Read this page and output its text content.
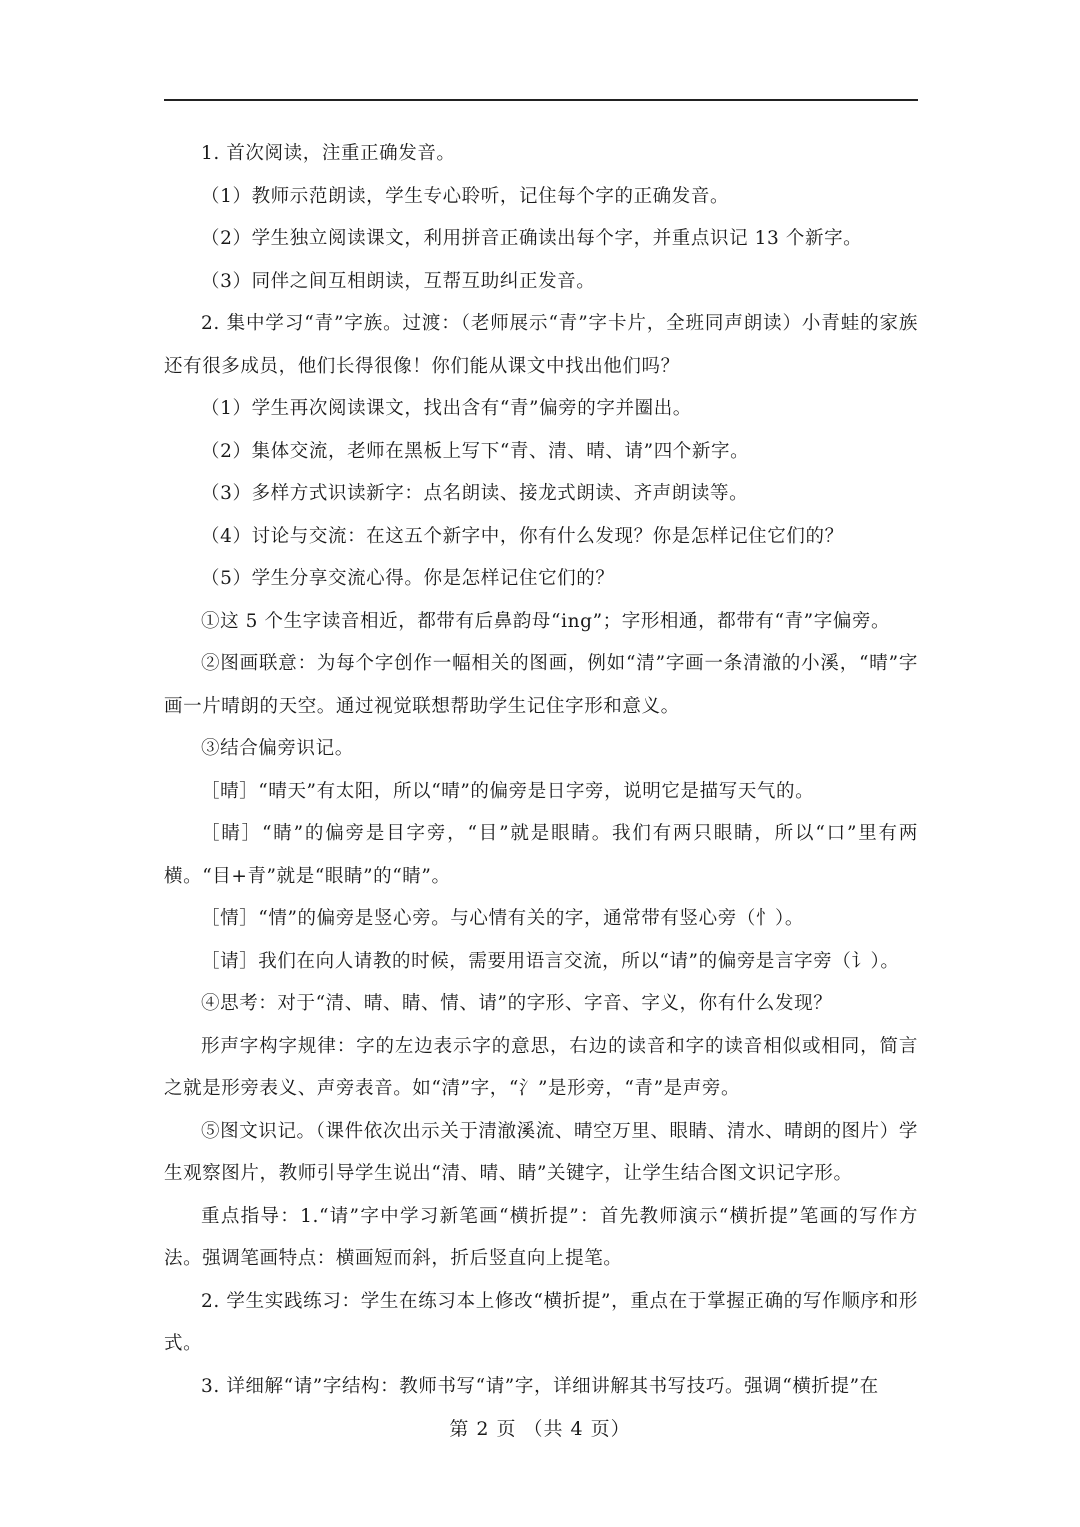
1. 首次阅读，注重正确发音。

（1）教师示范朗读，学生专心聆听，记住每个字的正确发音。

（2）学生独立阅读课文，利用拼音正确读出每个字，并重点识记 13 个新字。

（3）同伴之间互相朗读，互帮互助纠正发音。

2. 集中学习“青”字族。过渡：（老师展示“青”字卡片，全班同声朗读）小青蛙的家族还有很多成员，他们长得很像！你们能从课文中找出他们吗？

（1）学生再次阅读课文，找出含有“青”偏旁的字并圈出。

（2）集体交流，老师在黑板上写下“青、清、晴、请”四个新字。

（3）多样方式识读新字：点名朗读、接龙式朗读、齐声朗读等。

（4）讨论与交流：在这五个新字中，你有什么发现？你是怎样记住它们的？

（5）学生分享交流心得。你是怎样记住它们的？

①这 5 个生字读音相近，都带有后鼻韵母“ing”；字形相通，都带有“青”字偏旁。

②图画联意：为每个字创作一幅相关的图画，例如“清”字画一条清澈的小溪，“晴”字画一片晴朗的天空。通过视觉联想帮助学生记住字形和意义。

③结合偏旁识记。

［晴］“晴天”有太阳，所以“晴”的偏旁是日字旁，说明它是描写天气的。

［睛］“睛”的偏旁是目字旁，“目”就是眼睛。我们有两只眼睛，所以“口”里有两横。“目+青”就是“眼睛”的“睛”。

［情］“情”的偏旁是竖心旁。与心情有关的字，通常带有竖心旁（忄）。

［请］我们在向人请教的时候，需要用语言交流，所以“请”的偏旁是言字旁（讠）。

④思考：对于“清、晴、睛、情、请”的字形、字音、字义，你有什么发现？

形声字构字规律：字的左边表示字的意思，右边的读音和字的读音相似或相同，简言之就是形旁表义、声旁表音。如“清”字，“氵”是形旁，“青”是声旁。

⑤图文识记。（课件依次出示关于清澈溪流、晴空万里、眼睛、清水、晴朗的图片）学生观察图片，教师引导学生说出“清、晴、睛”关键字，让学生结合图文识记字形。

重点指导：1.“请”字中学习新笔画“横折提”：首先教师演示“横折提”笔画的写作方法。强调笔画特点：横画短而斜，折后竖直向上提笔。

2. 学生实践练习：学生在练习本上修改“横折提”，重点在于掌握正确的写作顺序和形式。

3. 详细解“请”字结构：教师书写“请”字，详细讲解其书写技巧。强调“横折提”在

第 2 页 （共 4 页）
